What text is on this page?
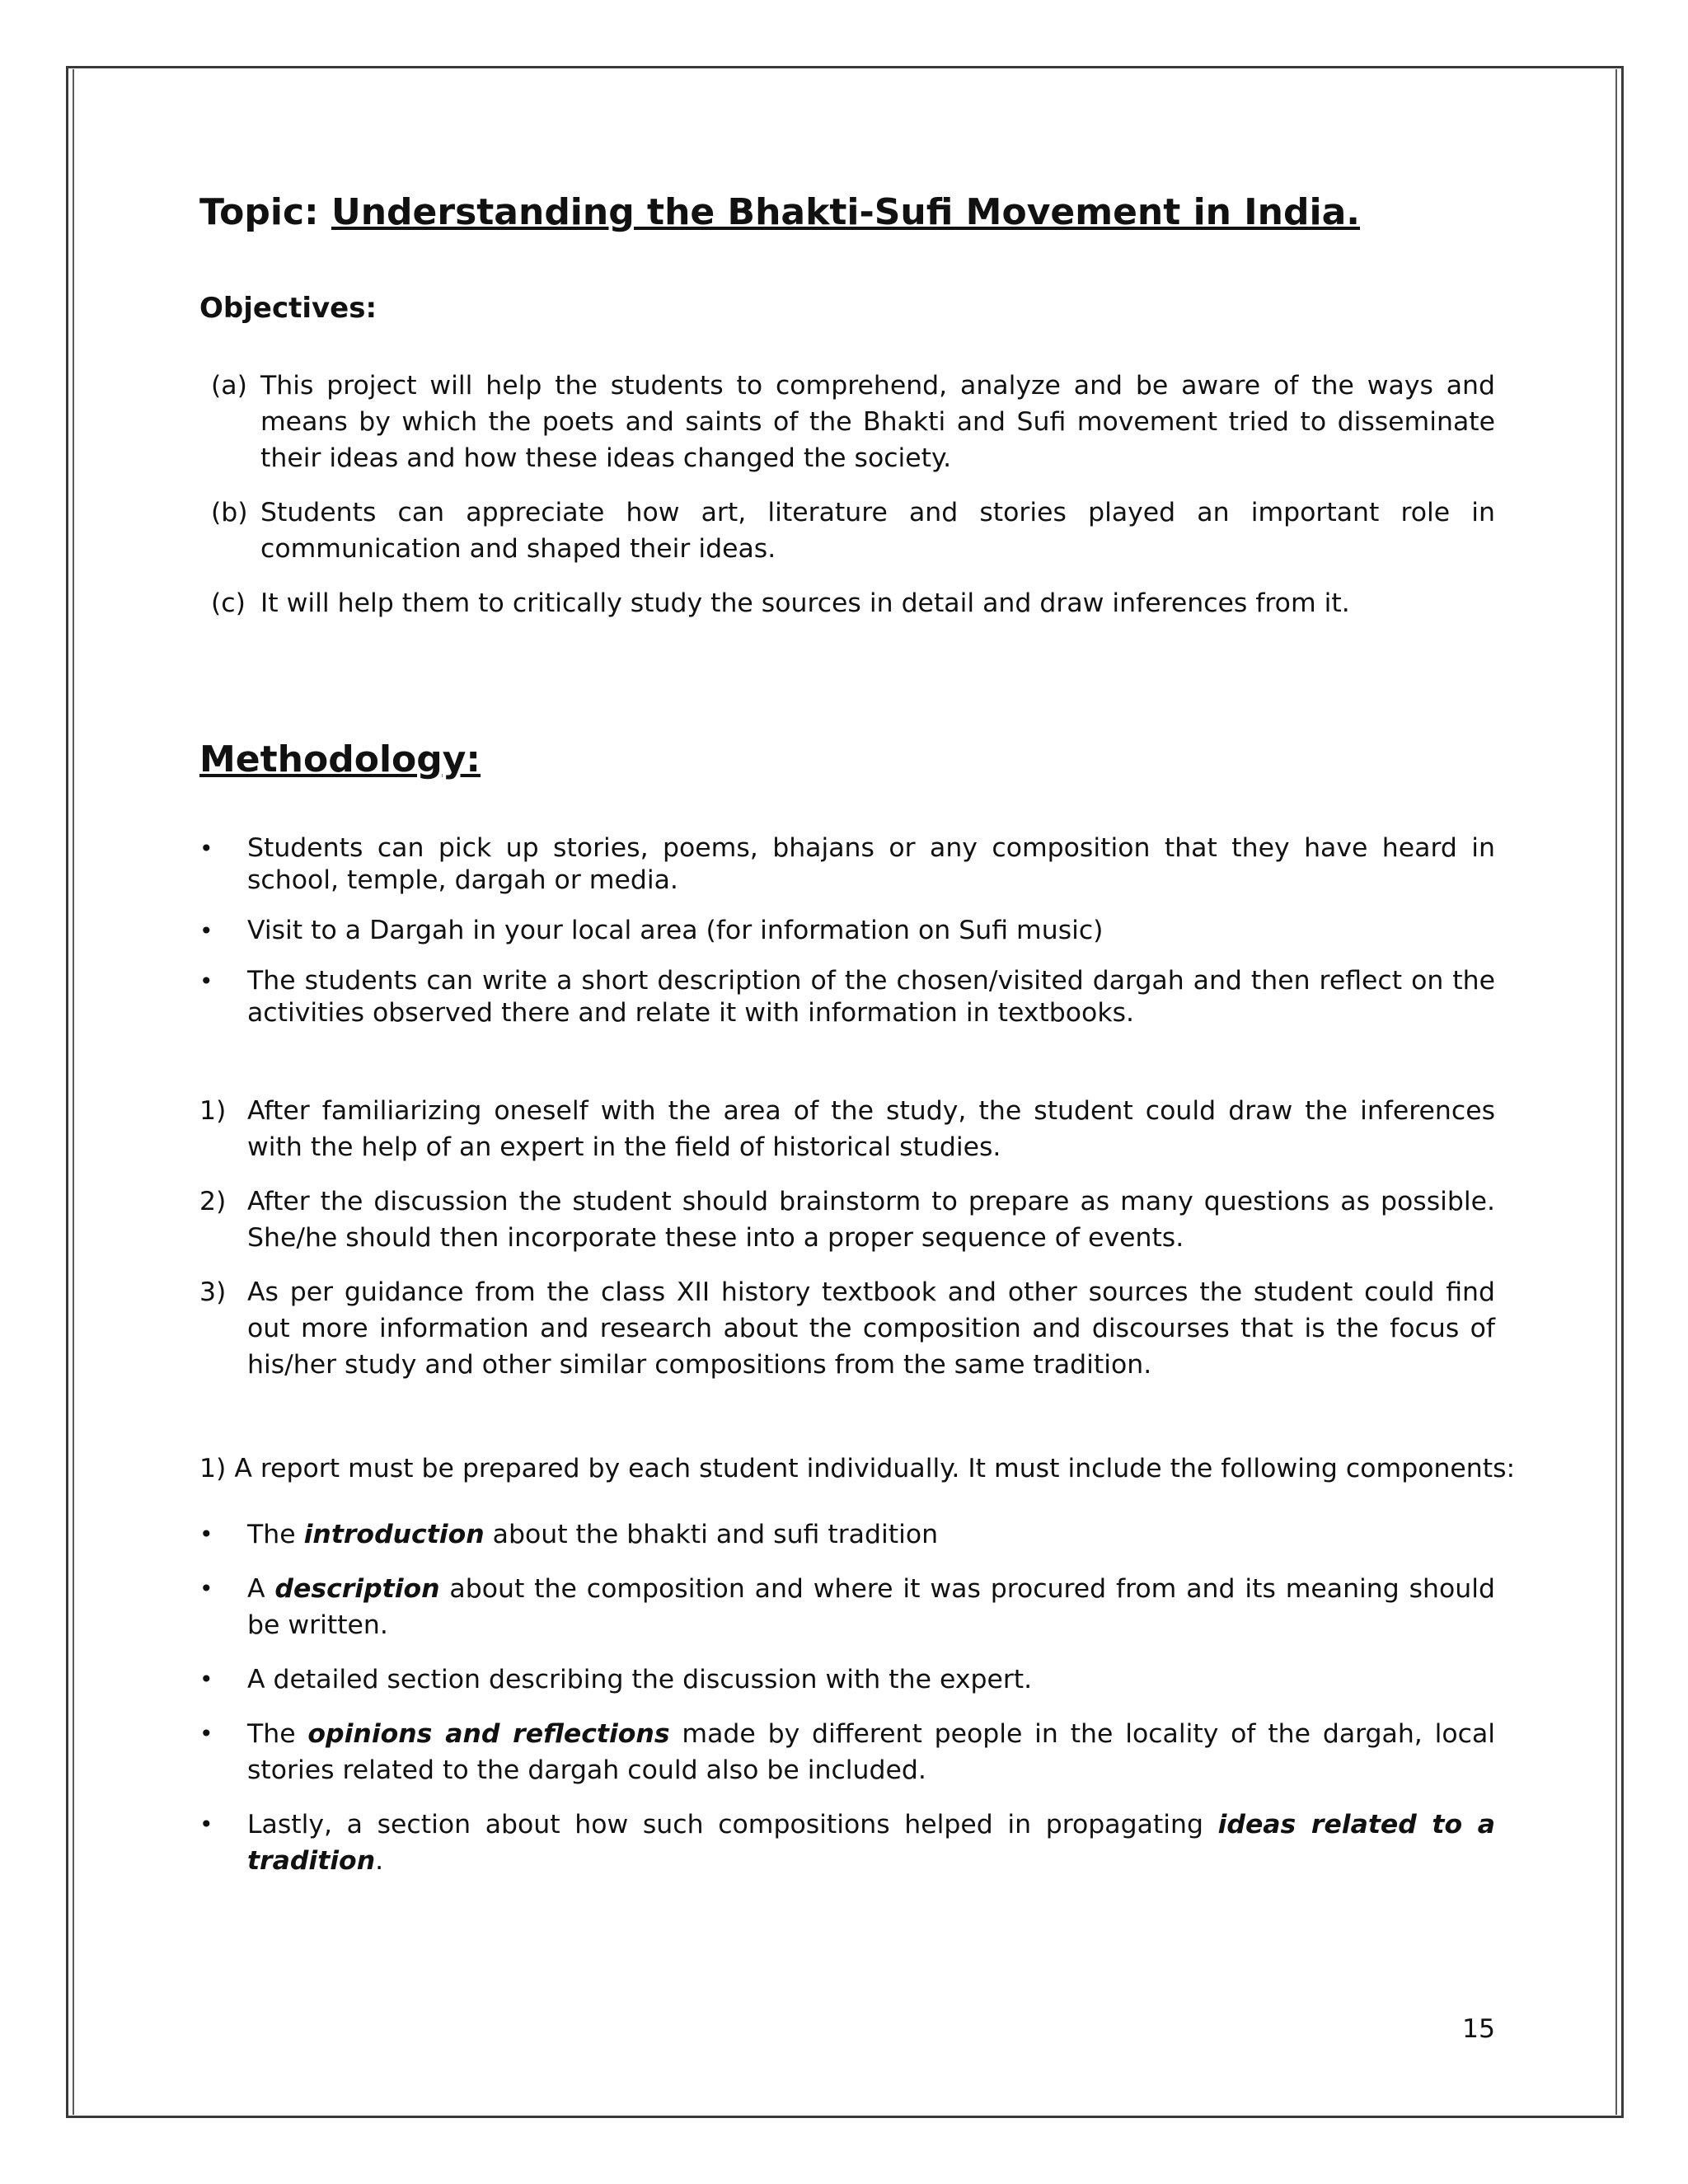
Topic: Understanding the Bhakti-Sufi Movement in India.
Objectives:
(a) This project will help the students to comprehend, analyze and be aware of the ways and means by which the poets and saints of the Bhakti and Sufi movement tried to disseminate their ideas and how these ideas changed the society.
(b) Students can appreciate how art, literature and stories played an important role in communication and shaped their ideas.
(c) It will help them to critically study the sources in detail and draw inferences from it.
Methodology:
•	Students can pick up stories, poems, bhajans or any composition that they have heard in school, temple, dargah or media.
•	Visit to a Dargah in your local area (for information on Sufi music)
•	The students can write a short description of the chosen/visited dargah and then reflect on the activities observed there and relate it with information in textbooks.
1) After familiarizing oneself with the area of the study, the student could draw the inferences with the help of an expert in the field of historical studies.
2) After the discussion the student should brainstorm to prepare as many questions as possible. She/he should then incorporate these into a proper sequence of events.
3) As per guidance from the class XII history textbook and other sources the student could find out more information and research about the composition and discourses that is the focus of his/her study and other similar compositions from the same tradition.
1) A report must be prepared by each student individually. It must include the following components:
•	The introduction about the bhakti and sufi tradition
•	A description about the composition and where it was procured from and its meaning should be written.
•	A detailed section describing the discussion with the expert.
•	The opinions and reflections made by different people in the locality of the dargah, local stories related to the dargah could also be included.
•	Lastly, a section about how such compositions helped in propagating ideas related to a tradition.
15
